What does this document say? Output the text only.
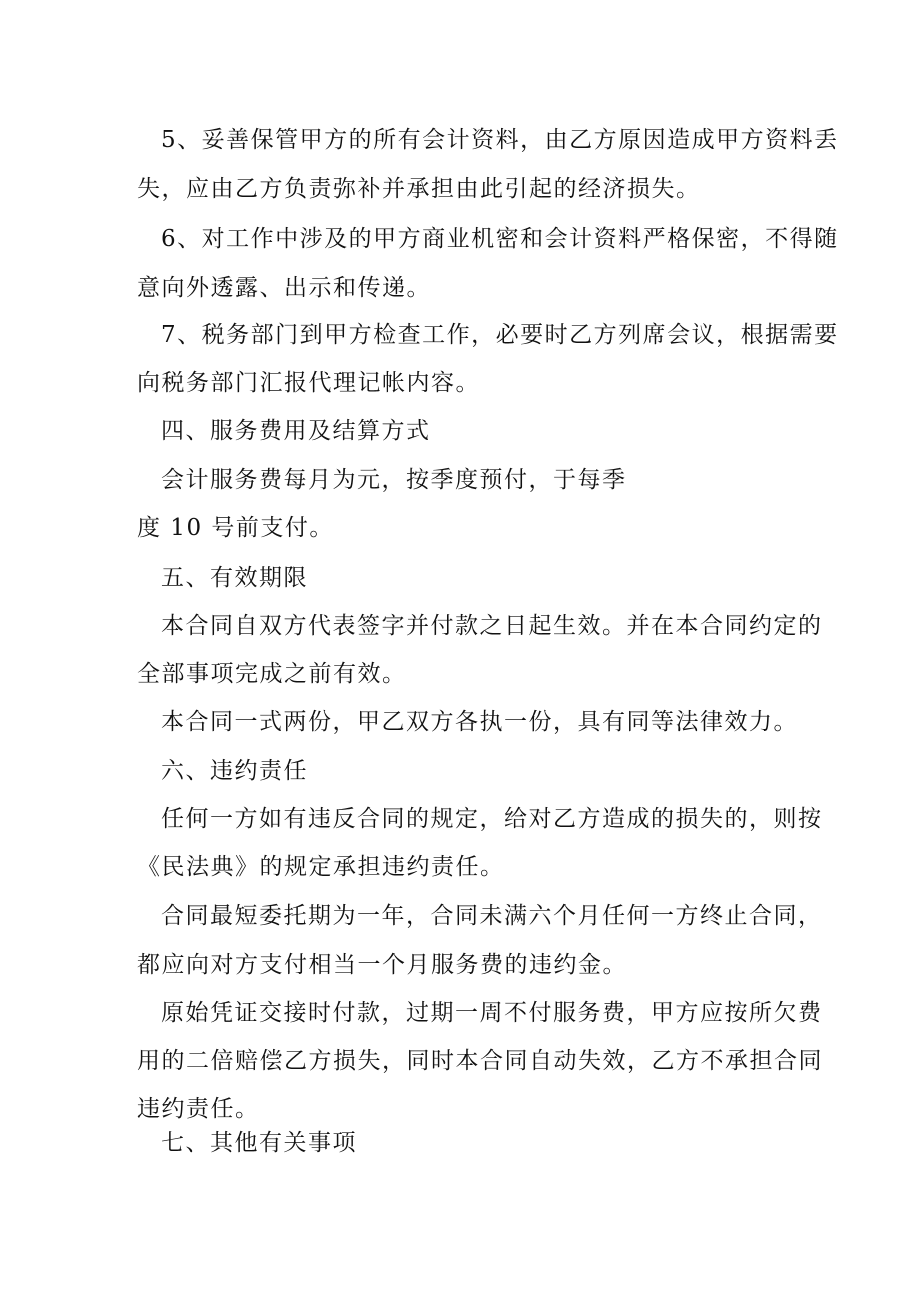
5、妥善保管甲方的所有会计资料，由乙方原因造成甲方资料丢
失，应由乙方负责弥补并承担由此引起的经济损失。
6、对工作中涉及的甲方商业机密和会计资料严格保密，不得随
意向外透露、出示和传递。
7、税务部门到甲方检查工作，必要时乙方列席会议，根据需要
向税务部门汇报代理记帐内容。
四、服务费用及结算方式
会计服务费每月为元，按季度预付，于每季
度 10 号前支付。
五、有效期限
本合同自双方代表签字并付款之日起生效。并在本合同约定的
全部事项完成之前有效。
本合同一式两份，甲乙双方各执一份，具有同等法律效力。
六、违约责任
任何一方如有违反合同的规定，给对乙方造成的损失的，则按
《民法典》的规定承担违约责任。
合同最短委托期为一年，合同未满六个月任何一方终止合同，
都应向对方支付相当一个月服务费的违约金。
原始凭证交接时付款，过期一周不付服务费，甲方应按所欠费
用的二倍赔偿乙方损失，同时本合同自动失效，乙方不承担合同
违约责任。
七、其他有关事项
